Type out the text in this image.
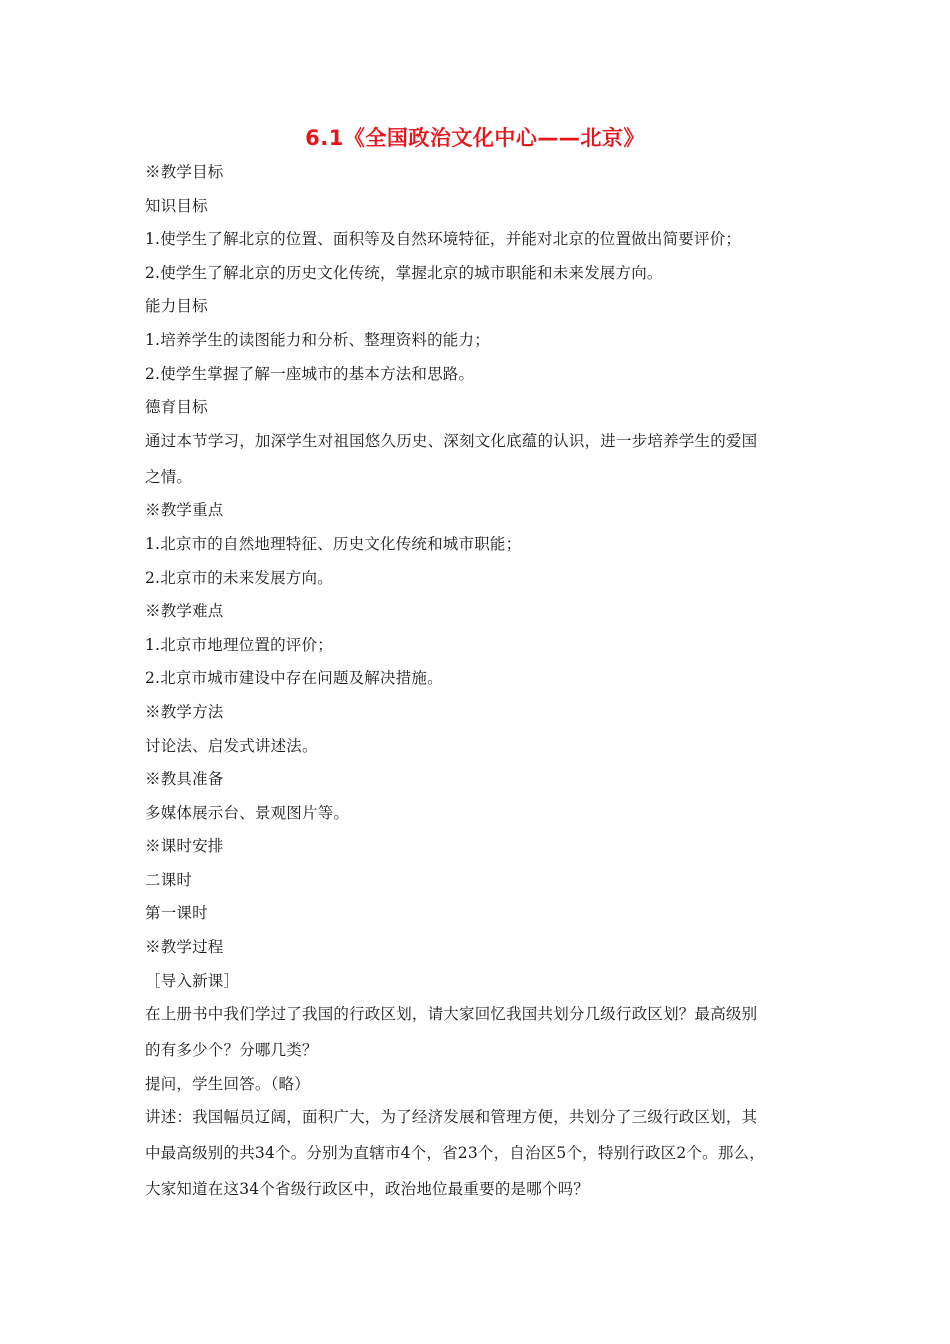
6.1《全国政治文化中心——北京》
※教学目标
知识目标
1.使学生了解北京的位置、面积等及自然环境特征，并能对北京的位置做出简要评价；
2.使学生了解北京的历史文化传统，掌握北京的城市职能和未来发展方向。
能力目标
1.培养学生的读图能力和分析、整理资料的能力；
2.使学生掌握了解一座城市的基本方法和思路。
德育目标
通过本节学习，加深学生对祖国悠久历史、深刻文化底蕴的认识，进一步培养学生的爱国
之情。
※教学重点
1.北京市的自然地理特征、历史文化传统和城市职能；
2.北京市的未来发展方向。
※教学难点
1.北京市地理位置的评价；
2.北京市城市建设中存在问题及解决措施。
※教学方法
讨论法、启发式讲述法。
※教具准备
多媒体展示台、景观图片等。
※课时安排
二课时
第一课时
※教学过程
［导入新课］
在上册书中我们学过了我国的行政区划，请大家回忆我国共划分几级行政区划？最高级别
的有多少个？分哪几类？
提问，学生回答。（略）
讲述：我国幅员辽阔，面积广大，为了经济发展和管理方便，共划分了三级行政区划，其
中最高级别的共34个。分别为直辖市4个，省23个，自治区5个，特别行政区2个。那么，
大家知道在这34个省级行政区中，政治地位最重要的是哪个吗？
